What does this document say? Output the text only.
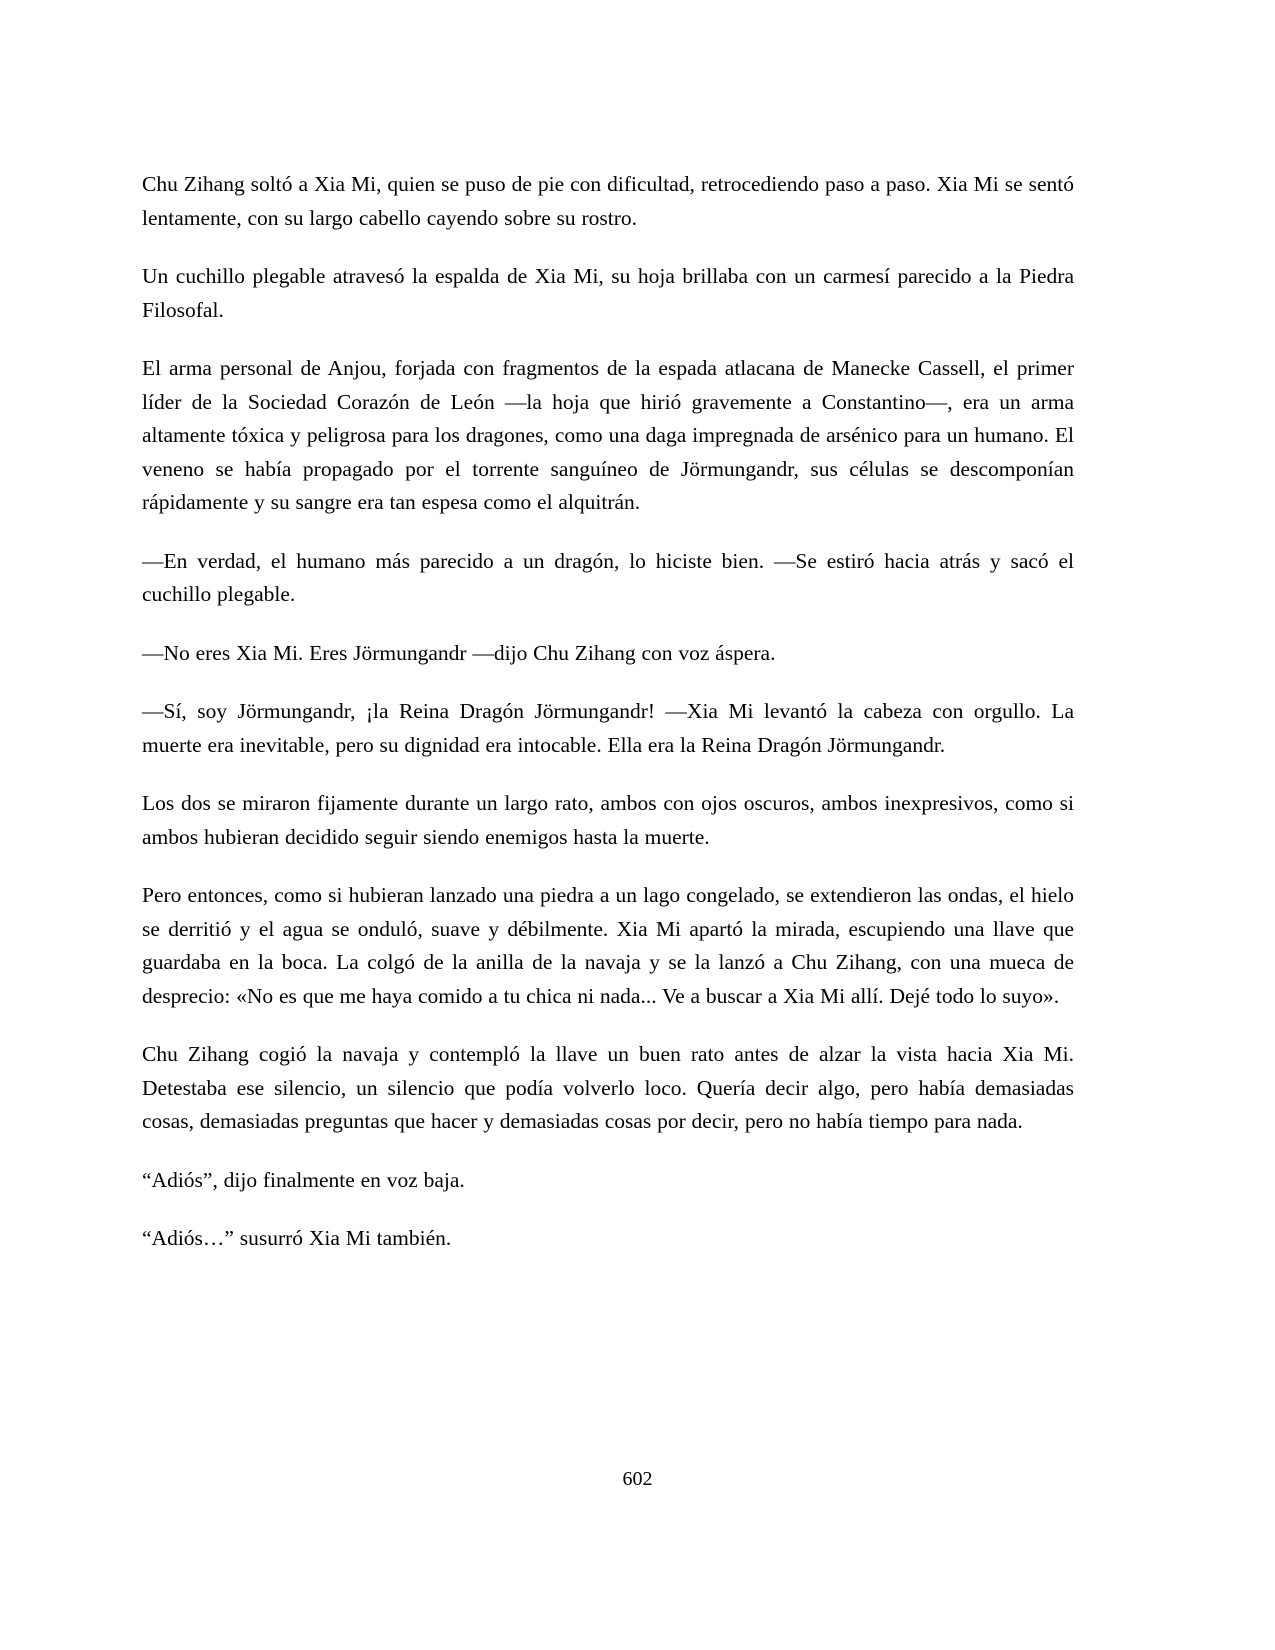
Chu Zihang soltó a Xia Mi, quien se puso de pie con dificultad, retrocediendo paso a paso. Xia Mi se sentó lentamente, con su largo cabello cayendo sobre su rostro.

Un cuchillo plegable atravesó la espalda de Xia Mi, su hoja brillaba con un carmesí parecido a la Piedra Filosofal.

El arma personal de Anjou, forjada con fragmentos de la espada atlacana de Manecke Cassell, el primer líder de la Sociedad Corazón de León —la hoja que hirió gravemente a Constantino—, era un arma altamente tóxica y peligrosa para los dragones, como una daga impregnada de arsénico para un humano. El veneno se había propagado por el torrente sanguíneo de Jörmungandr, sus células se descomponían rápidamente y su sangre era tan espesa como el alquitrán.

—En verdad, el humano más parecido a un dragón, lo hiciste bien. —Se estiró hacia atrás y sacó el cuchillo plegable.

—No eres Xia Mi. Eres Jörmungandr —dijo Chu Zihang con voz áspera.

—Sí, soy Jörmungandr, ¡la Reina Dragón Jörmungandr! —Xia Mi levantó la cabeza con orgullo. La muerte era inevitable, pero su dignidad era intocable. Ella era la Reina Dragón Jörmungandr.

Los dos se miraron fijamente durante un largo rato, ambos con ojos oscuros, ambos inexpresivos, como si ambos hubieran decidido seguir siendo enemigos hasta la muerte.

Pero entonces, como si hubieran lanzado una piedra a un lago congelado, se extendieron las ondas, el hielo se derritió y el agua se onduló, suave y débilmente. Xia Mi apartó la mirada, escupiendo una llave que guardaba en la boca. La colgó de la anilla de la navaja y se la lanzó a Chu Zihang, con una mueca de desprecio: «No es que me haya comido a tu chica ni nada... Ve a buscar a Xia Mi allí. Dejé todo lo suyo».

Chu Zihang cogió la navaja y contempló la llave un buen rato antes de alzar la vista hacia Xia Mi. Detestaba ese silencio, un silencio que podía volverlo loco. Quería decir algo, pero había demasiadas cosas, demasiadas preguntas que hacer y demasiadas cosas por decir, pero no había tiempo para nada.

“Adiós”, dijo finalmente en voz baja.

“Adiós…” susurró Xia Mi también.

602
